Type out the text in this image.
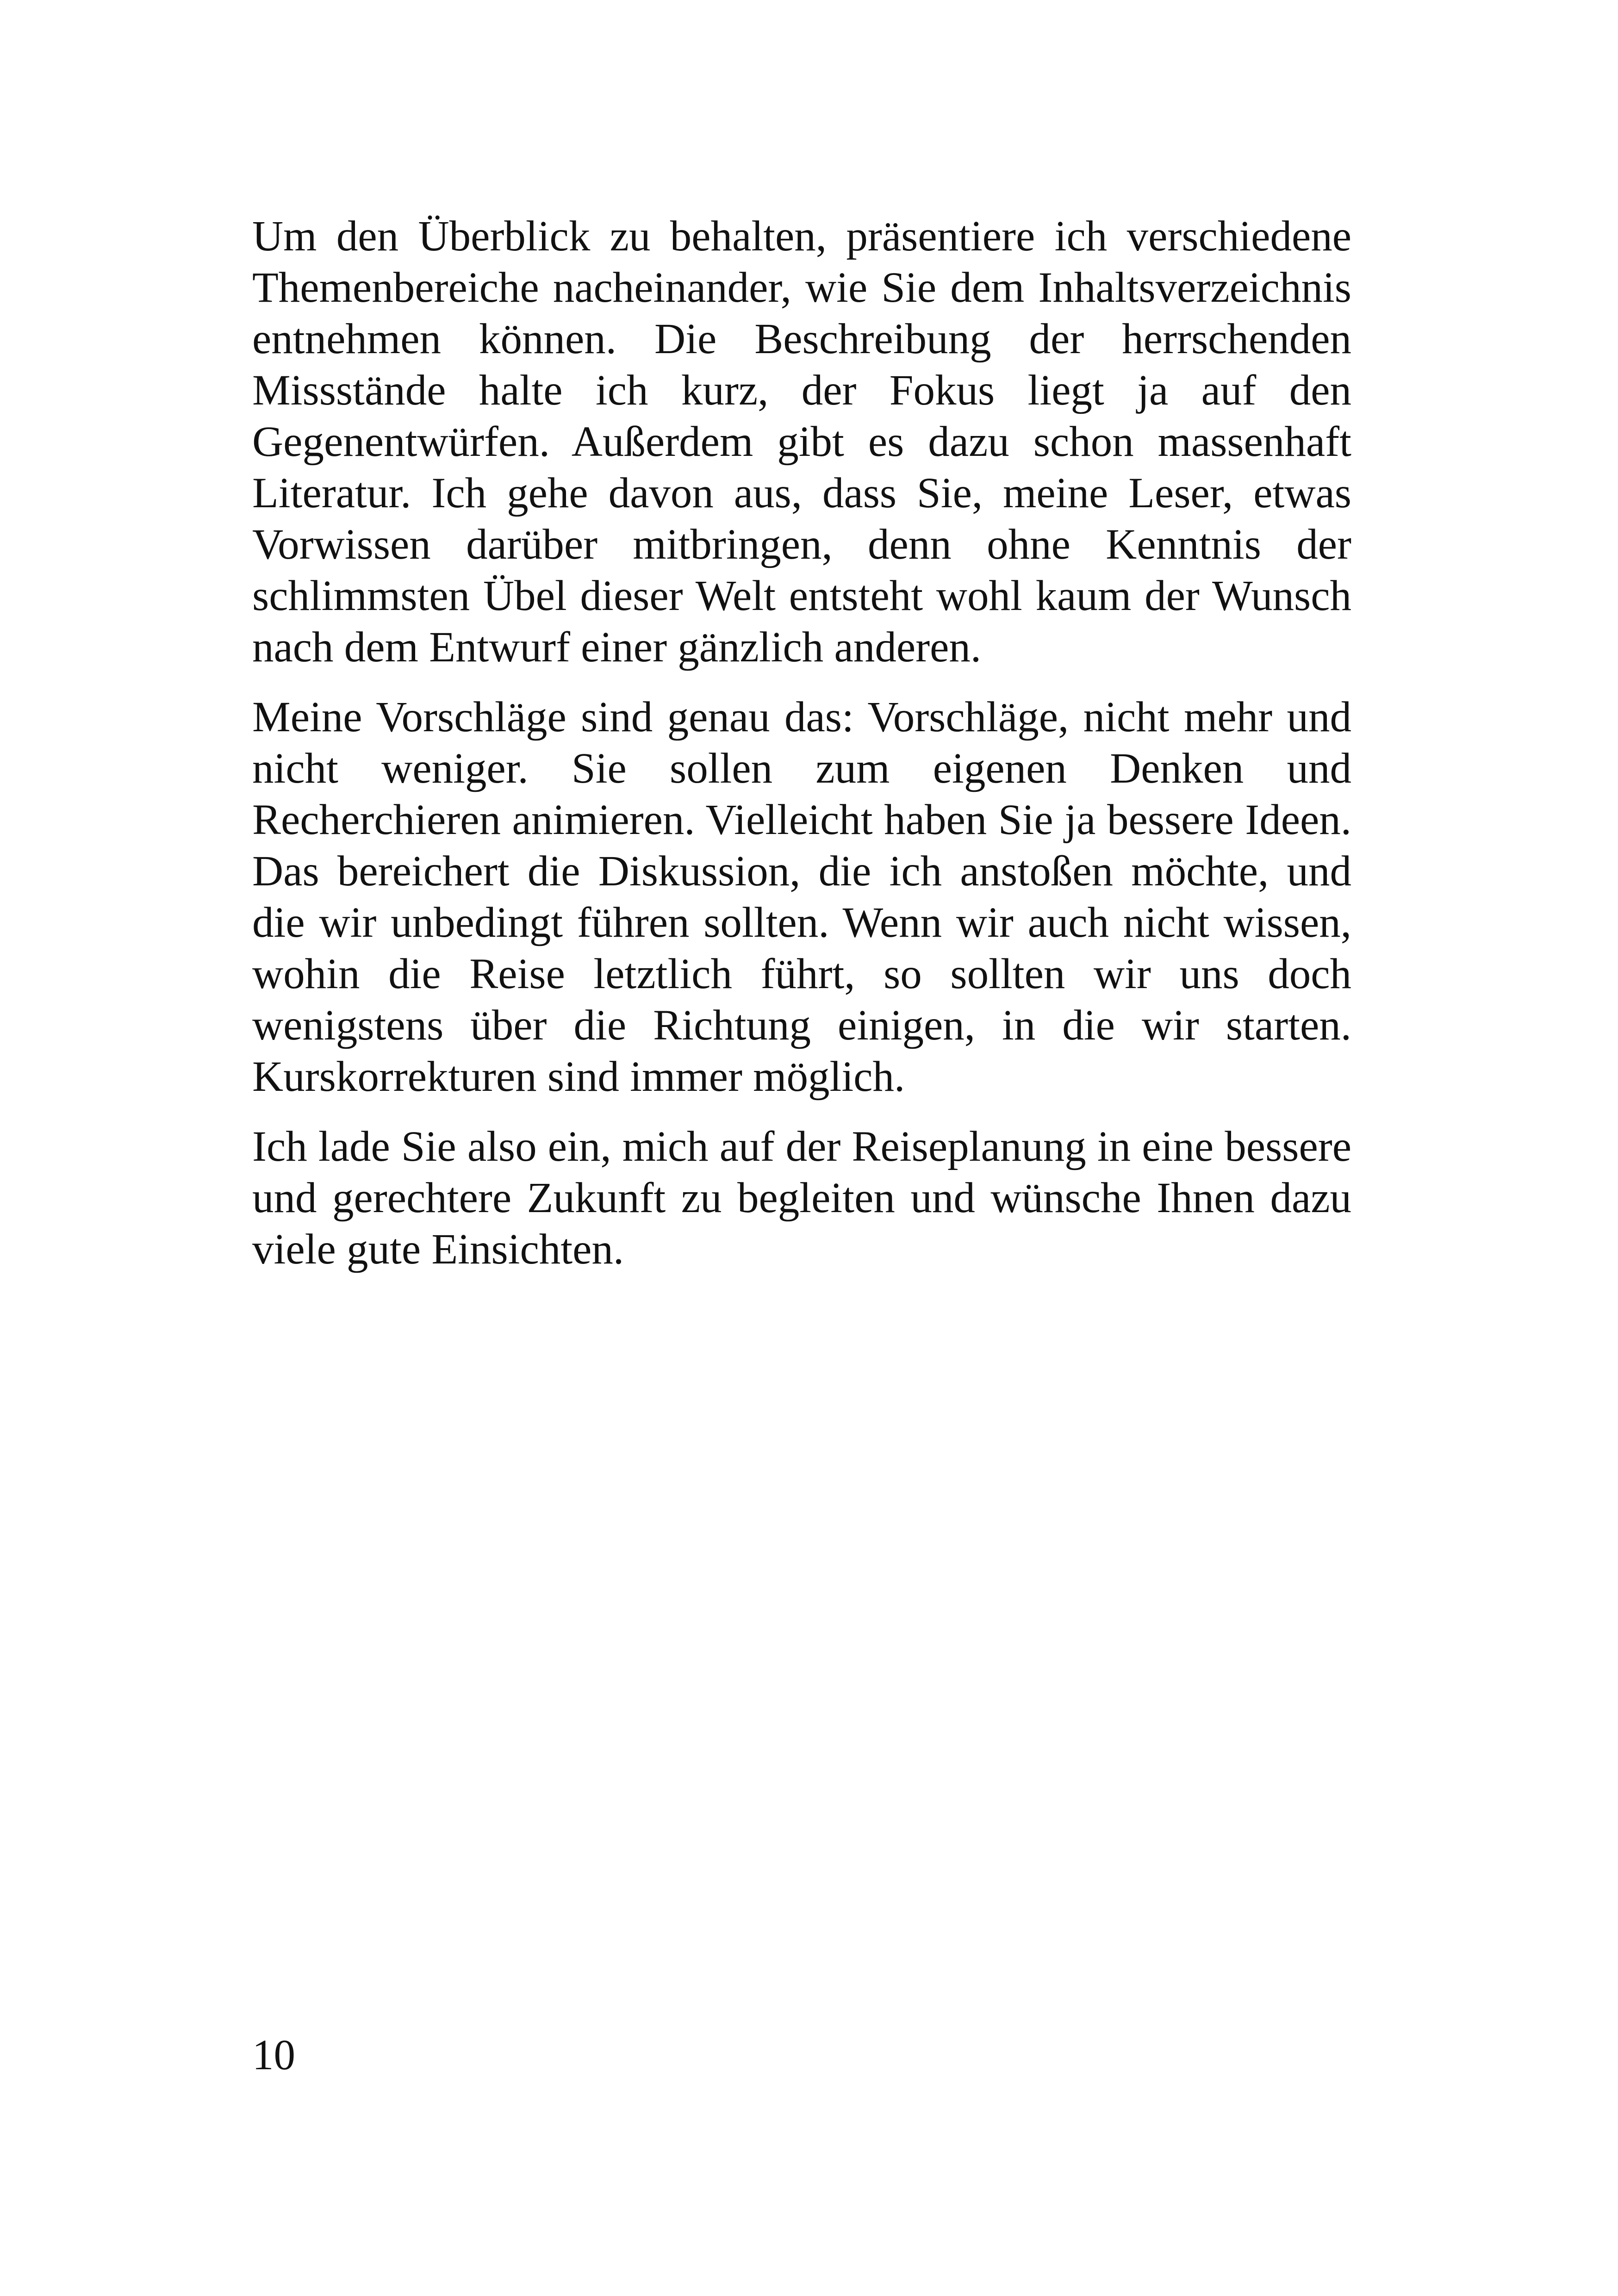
Um den Überblick zu behalten, präsentiere ich verschiedene Themenbereiche nacheinander, wie Sie dem Inhaltsverzeichnis entnehmen können. Die Beschreibung der herrschenden Missstände halte ich kurz, der Fokus liegt ja auf den Gegenentwürfen. Außerdem gibt es dazu schon massenhaft Literatur. Ich gehe davon aus, dass Sie, meine Leser, etwas Vorwissen darüber mitbringen, denn ohne Kenntnis der schlimmsten Übel dieser Welt entsteht wohl kaum der Wunsch nach dem Entwurf einer gänzlich anderen.

Meine Vorschläge sind genau das: Vorschläge, nicht mehr und nicht weniger. Sie sollen zum eigenen Denken und Recherchieren animieren. Vielleicht haben Sie ja bessere Ideen. Das bereichert die Diskussion, die ich anstoßen möchte, und die wir unbedingt führen sollten. Wenn wir auch nicht wissen, wohin die Reise letztlich führt, so sollten wir uns doch wenigstens über die Richtung einigen, in die wir starten. Kurskorrekturen sind immer möglich.

Ich lade Sie also ein, mich auf der Reiseplanung in eine bessere und gerechtere Zukunft zu begleiten und wünsche Ihnen dazu viele gute Einsichten.

10
